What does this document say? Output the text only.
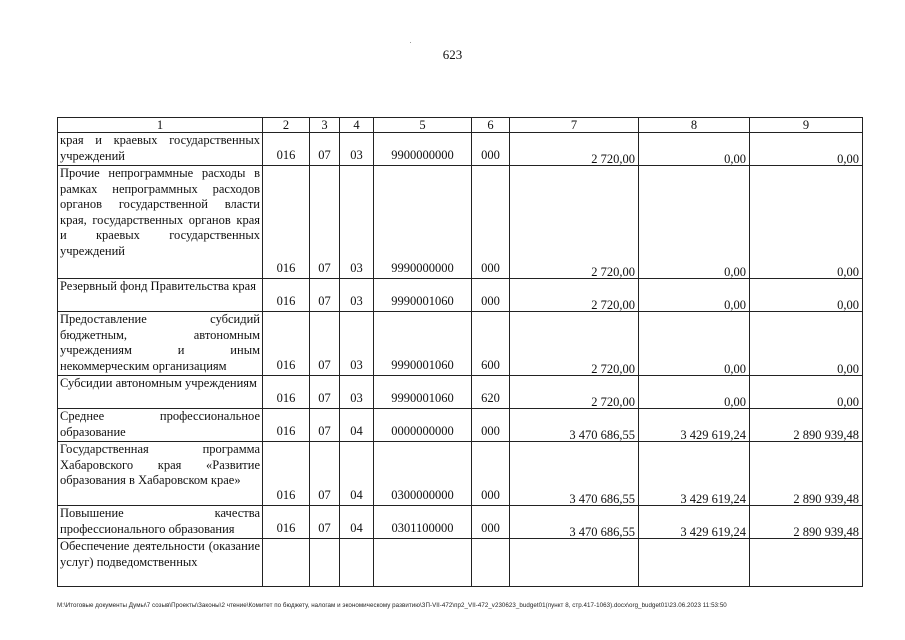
623
1	2	3	4	5	6	7	8	9

края и краевых государственных учреждений	016	07	03	9900000000	000	2 720,00	0,00	0,00

Прочие непрограммные расходы в рамках непрограммных расходов органов государственной власти края, государственных органов края и краевых государственных учреждений	016	07	03	9990000000	000	2 720,00	0,00	0,00

Резервный фонд Правительства края	016	07	03	9990001060	000	2 720,00	0,00	0,00

Предоставление субсидий бюджетным, автономным учреждениям и иным некоммерческим организациям	016	07	03	9990001060	600	2 720,00	0,00	0,00

Субсидии автономным учреждениям	016	07	03	9990001060	620	2 720,00	0,00	0,00

Среднее профессиональное образование	016	07	04	0000000000	000	3 470 686,55	3 429 619,24	2 890 939,48

Государственная программа Хабаровского края «Развитие образования в Хабаровском крае»	016	07	04	0300000000	000	3 470 686,55	3 429 619,24	2 890 939,48

Повышение качества профессионального образования	016	07	04	0301100000	000	3 470 686,55	3 429 619,24	2 890 939,48

Обеспечение деятельности (оказание услуг) подведомственных								

M:\Итоговые документы Думы\7 созыв\Проекты\Законы\2 чтение\Комитет по бюджету, налогам и экономическому развитию\ЗП-VII-472\пр2_VII-472_v230623_budget01(пункт 8, стр.417-1063).docx\org_budget01\23.06.2023 11:53:50
